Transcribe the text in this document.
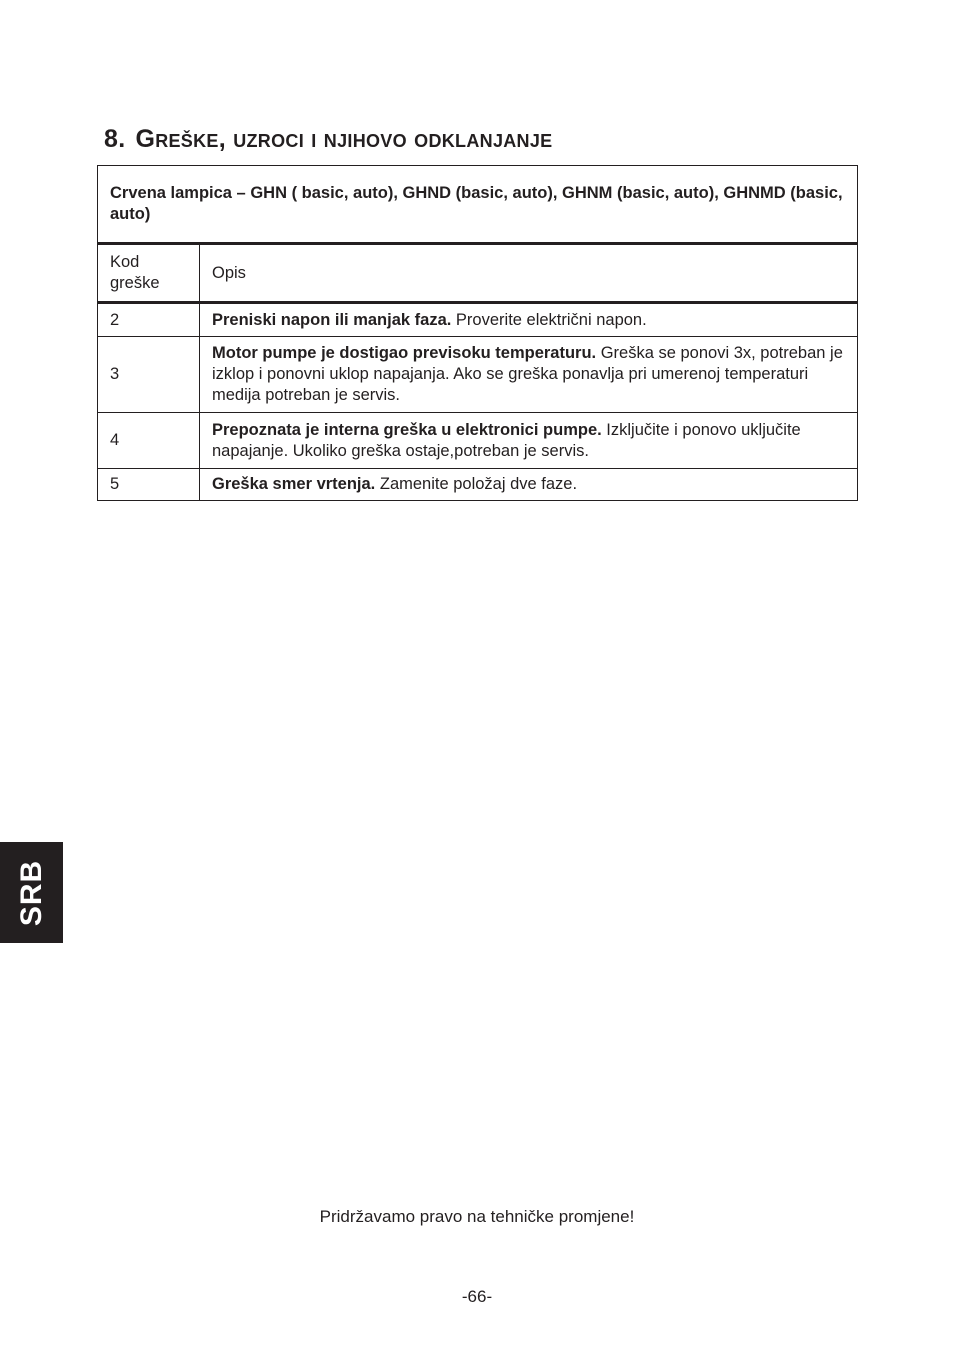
8. Greške, uzroci i njihovo odklanjanje
Crvena lampica – GHN ( basic, auto), GHND (basic, auto), GHNM (basic, auto), GHNMD (basic, auto)	
Kod greške	Opis
2	Preniski napon ili manjak faza. Proverite električni napon.
3	Motor pumpe je dostigao previsoku temperaturu. Greška se ponovi 3x, potreban je izklop i ponovni uklop napajanja. Ako se greška ponavlja pri umerenoj temperaturi medija potreban je servis.
4	Prepoznata je interna greška u elektronici pumpe. Izključite i ponovo uključite napajanje. Ukoliko greška ostaje,potreban je servis.
5	Greška smer vrtenja. Zamenite položaj dve faze.
SRB
Pridržavamo pravo na tehničke promjene!
-66-
